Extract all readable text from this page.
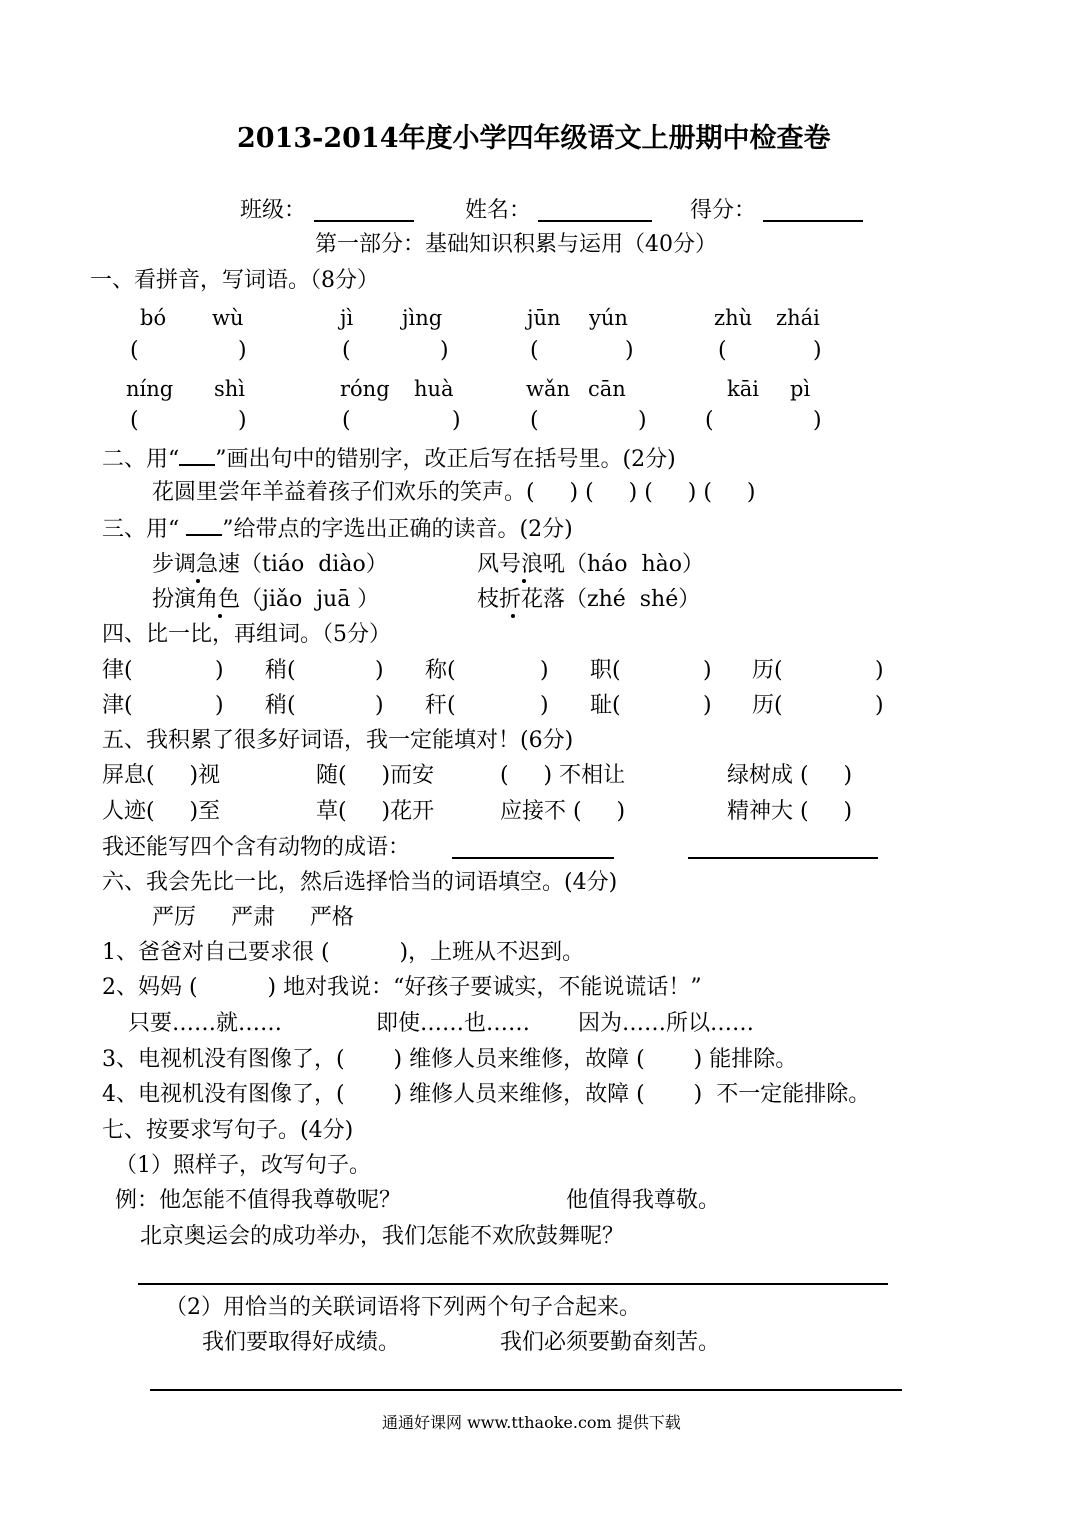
2013-2014年度小学四年级语文上册期中检查卷
班级：	姓名：	得分：
第一部分：基础知识积累与运用（40分）
一、看拼音，写词语。（8分）
bó wù	jì jìng	jūn yún	zhù zhái
(	)	(	)	(	)	(	)
níng shì	róng huà	wǎn cān	kāi pì
(	)	(	)	(	)	(	)
二、用“ ”画出句中的错别字，改正后写在括号里。(2分)
花圆里尝年羊益着孩子们欢乐的笑声。(     ) (     ) (     ) (     )
三、用“ ”给带点的字选出正确的读音。(2分)
步调急速（tiáo  diào）	风号浪吼（háo  hào）
扮演角色（jiǎo  juā ）	枝折花落（zhé  shé）
四、比一比，再组词。（5分）
律(	) 稍(	) 称(	) 职(	) 历(	)
津(	) 稍(	) 秆(	) 耻(	) 历(	)
五、我积累了很多好词语，我一定能填对！(6分)
屏息(     )视	随(     )而安	(     ) 不相让	绿树成 (     )
人迹(     )至	草(     )花开	应接不 (     )	精神大 (     )
我还能写四个含有动物的成语：
六、我会先比一比，然后选择恰当的词语填空。(4分)
严厉     严肃     严格
1、爸爸对自己要求很 (          )，上班从不迟到。
2、妈妈 (          ) 地对我说：“好孩子要诚实，不能说谎话！”
只要……就……	即使……也…… 因为……所以……
3、电视机没有图像了，(       ) 维修人员来维修，故障 (       ) 能排除。
4、电视机没有图像了，(       ) 维修人员来维修，故障 (       )  不一定能排除。
七、按要求写句子。(4分)
（1）照样子，改写句子。
例：他怎能不值得我尊敬呢？	他值得我尊敬。
北京奥运会的成功举办，我们怎能不欢欣鼓舞呢？
（2）用恰当的关联词语将下列两个句子合起来。
我们要取得好成绩。	我们必须要勤奋刻苦。
通通好课网 www.tthaoke.com 提供下载
